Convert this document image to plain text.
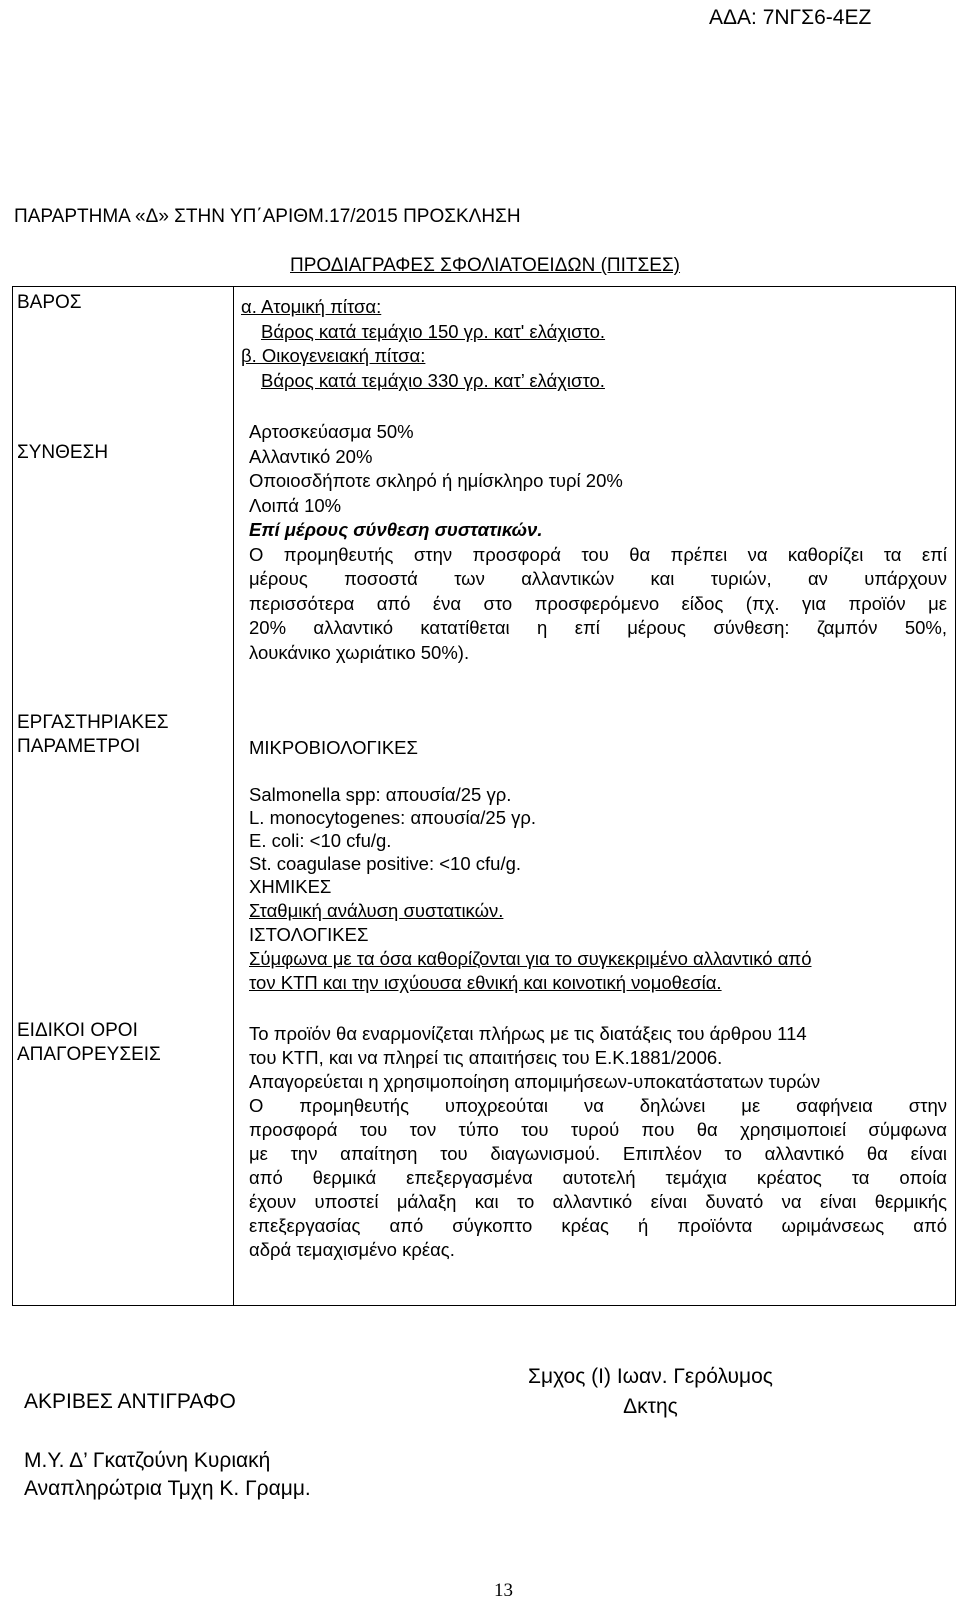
ΑΔΑ: 7ΝΓΣ6-4ΕΖ
ΠΑΡΑΡΤΗΜΑ «Δ» ΣΤΗΝ ΥΠ΄ΑΡΙΘΜ.17/2015 ΠΡΟΣΚΛΗΣΗ
ΠΡΟΔΙΑΓΡΑΦΕΣ ΣΦΟΛΙΑΤΟΕΙΔΩΝ (ΠΙΤΣΕΣ)
ΒΑΡΟΣ
ΣΥΝΘΕΣΗ
ΕΡΓΑΣΤΗΡΙΑΚΕΣ
ΠΑΡΑΜΕΤΡΟΙ
ΕΙΔΙΚΟΙ ΟΡΟΙ
ΑΠΑΓΟΡΕΥΣΕΙΣ
α. Ατομική πίτσα:
Βάρος κατά τεμάχιο 150 γρ. κατ' ελάχιστο.
β. Οικογενειακή πίτσα:
Βάρος κατά τεμάχιο 330 γρ. κατ’ ελάχιστο.
Αρτοσκεύασμα 50%
Αλλαντικό 20%
Οποιοσδήποτε σκληρό ή ημίσκληρο τυρί 20%
Λοιπά 10%
Επί μέρους σύνθεση συστατικών.
Ο προμηθευτής στην προσφορά του θα πρέπει να καθορίζει τα επί
μέρους ποσοστά των αλλαντικών και τυριών, αν υπάρχουν
περισσότερα από ένα στο προσφερόμενο είδος (πχ. για προϊόν με
20% αλλαντικό κατατίθεται η επί μέρους σύνθεση: ζαμπόν 50%,
λουκάνικο χωριάτικο 50%).
ΜΙΚΡΟΒΙΟΛΟΓΙΚΕΣ
Salmonella spp: απουσία/25 γρ.
L. monocytogenes: απουσία/25 γρ.
E. coli: <10 cfu/g.
St. coagulase positive: <10 cfu/g.
ΧΗΜΙΚΕΣ
Σταθμική ανάλυση συστατικών.
ΙΣΤΟΛΟΓΙΚΕΣ
Σύμφωνα με τα όσα καθορίζονται για το συγκεκριμένο αλλαντικό από
τον ΚΤΠ και την ισχύουσα εθνική και κοινοτική νομοθεσία.
Το προϊόν θα εναρμονίζεται πλήρως με τις διατάξεις του άρθρου 114
του ΚΤΠ, και να πληρεί τις απαιτήσεις του Ε.Κ.1881/2006.
Απαγορεύεται η χρησιμοποίηση απομιμήσεων-υποκατάστατων τυρών
Ο προμηθευτής υποχρεούται να δηλώνει με σαφήνεια στην
προσφορά του τον τύπο του τυρού που θα χρησιμοποιεί σύμφωνα
με την απαίτηση του διαγωνισμού. Επιπλέον το αλλαντικό θα είναι
από θερμικά επεξεργασμένα αυτοτελή τεμάχια κρέατος τα οποία
έχουν υποστεί μάλαξη και το αλλαντικό είναι δυνατό να είναι θερμικής
επεξεργασίας από σύγκοπτο κρέας ή προϊόντα ωριμάνσεως από
αδρά τεμαχισμένο κρέας.
ΑΚΡΙΒΕΣ ΑΝΤΙΓΡΑΦΟ
Σμχος (Ι) Ιωαν. Γερόλυμος
Δκτης
Μ.Υ. Δ’ Γκατζούνη Κυριακή
Αναπληρώτρια Τμχη Κ. Γραμμ.
13
